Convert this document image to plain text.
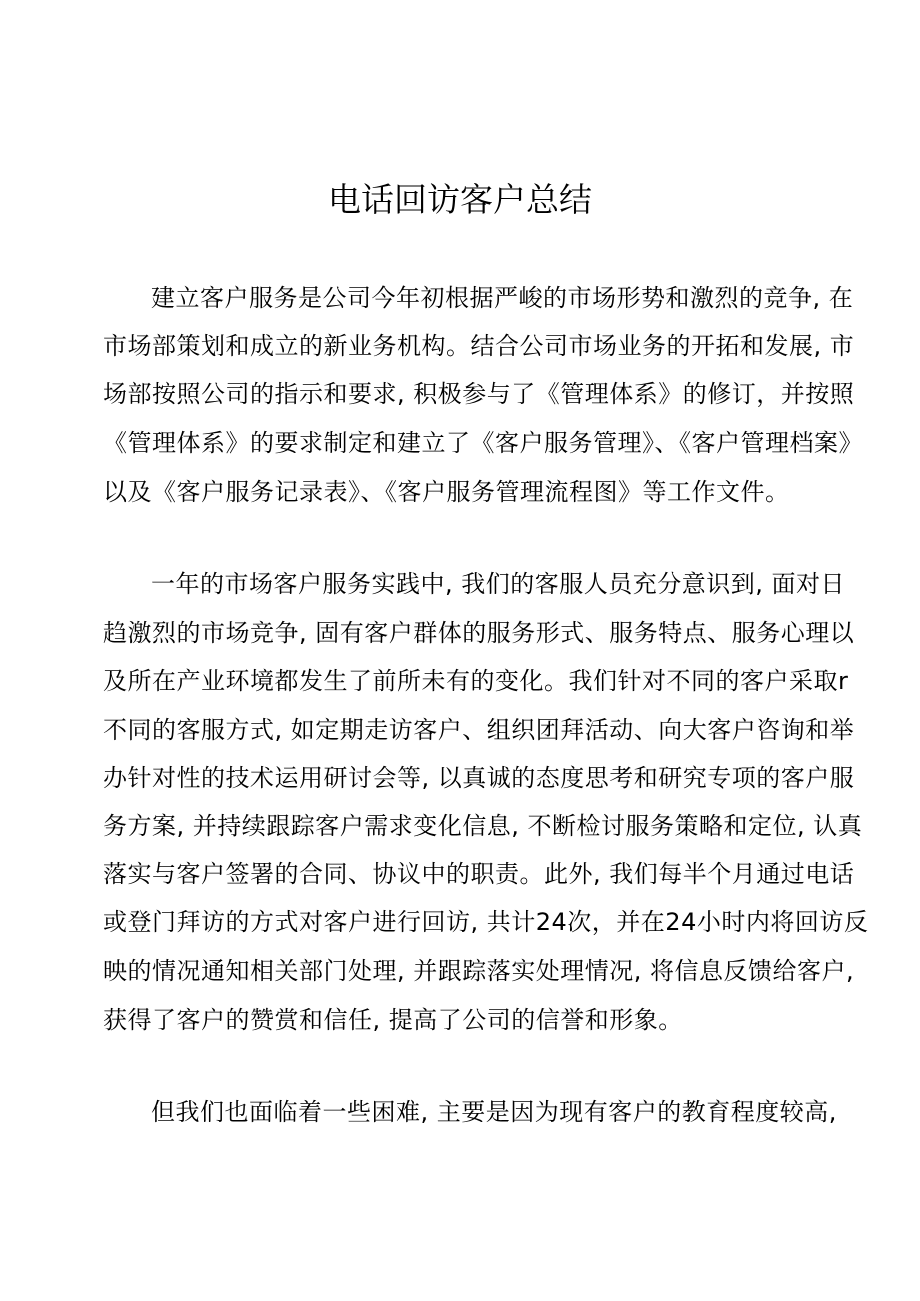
电话回访客户总结

建立客户服务是公司今年初根据严峻的市场形势和激烈的竞争, 在

市场部策划和成立的新业务机构。结合公司市场业务的开拓和发展, 市

场部按照公司的指示和要求, 积极参与了《管理体系》的修订，并按照

《管理体系》的要求制定和建立了《客户服务管理》、《客户管理档案》

以及《客户服务记录表》、《客户服务管理流程图》等工作文件。

一年的市场客户服务实践中, 我们的客服人员充分意识到, 面对日

趋激烈的市场竞争, 固有客户群体的服务形式、服务特点、服务心理以

及所在产业环境都发生了前所未有的变化。我们针对不同的客户采取r

不同的客服方式, 如定期走访客户、组织团拜活动、向大客户咨询和举

办针对性的技术运用研讨会等, 以真诚的态度思考和研究专项的客户服

务方案, 并持续跟踪客户需求变化信息, 不断检讨服务策略和定位, 认真

落实与客户签署的合同、协议中的职责。此外, 我们每半个月通过电话

或登门拜访的方式对客户进行回访, 共计24次，并在24小时内将回访反

映的情况通知相关部门处理, 并跟踪落实处理情况, 将信息反馈给客户,

获得了客户的赞赏和信任, 提高了公司的信誉和形象。

但我们也面临着一些困难, 主要是因为现有客户的教育程度较高,
